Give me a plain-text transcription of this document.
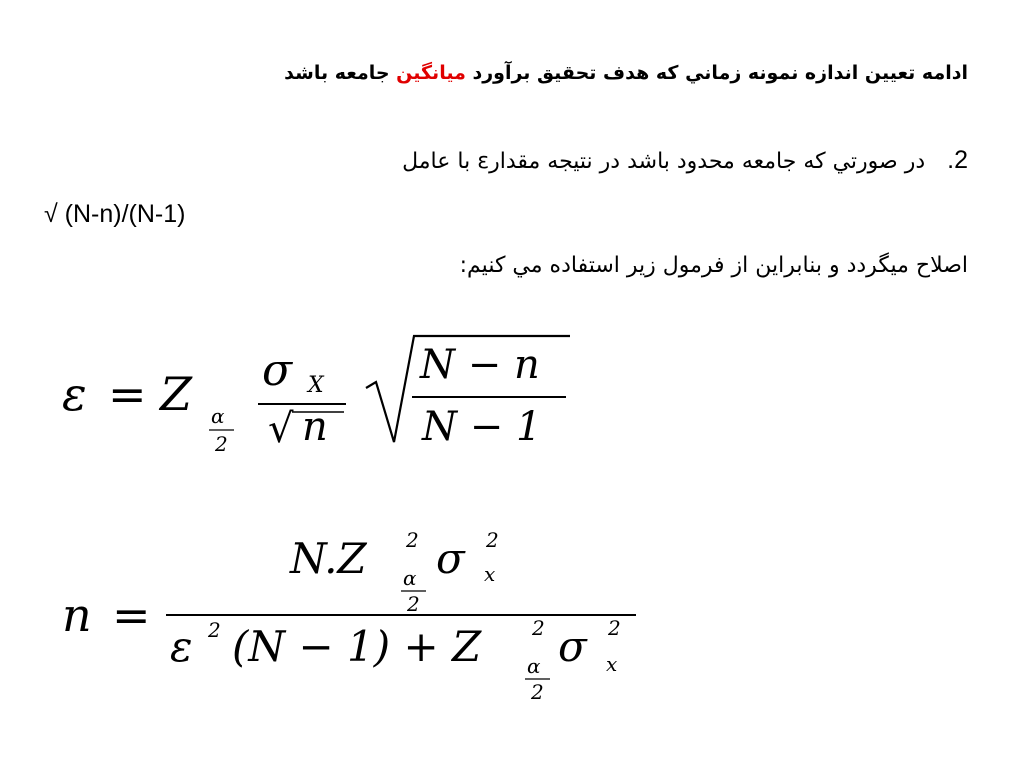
ادامه تعيين اندازه نمونه زماني كه هدف تحقيق برآورد ميانگين جامعه باشد
2.در صورتي كه جامعه محدود باشد در نتيجه مقدارε با عامل
√ (N-n)/(N-1)
اصلاح ميگردد و بنابراين از فرمول زير استفاده مي كنيم:
ε = Z α
2
σ X
√ n
N − n
N − 1
n =
N.Z 2
α
2
σ 2
x
ε 2 (N − 1) + Z	2
α
2
σ 2
x
